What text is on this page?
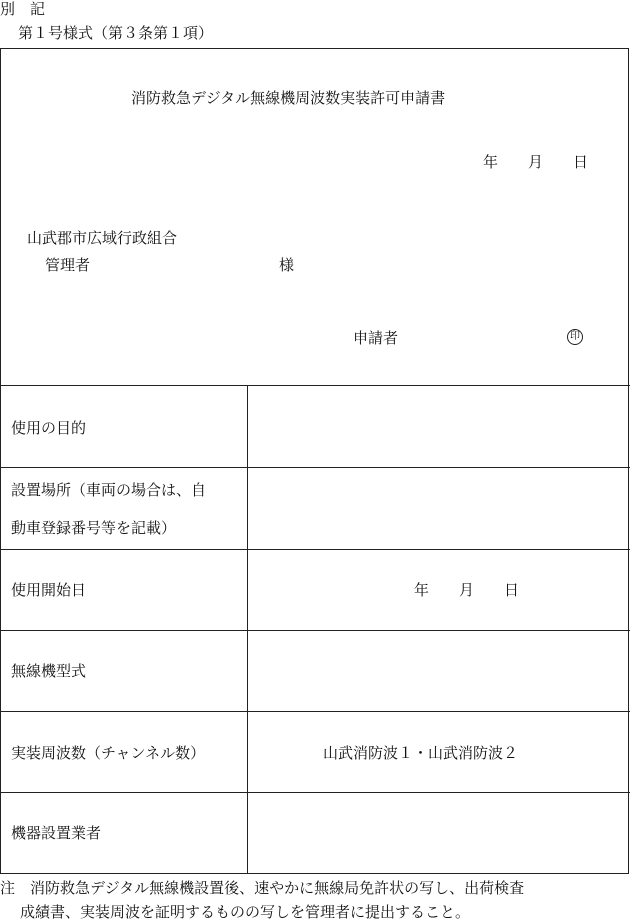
別　記
第１号様式（第３条第１項）
消防救急デジタル無線機周波数実装許可申請書
年　　月　　日
山武郡市広域行政組合
管理者	様
申請者	印
使用の目的
設置場所（車両の場合は、自
動車登録番号等を記載）
使用開始日	年　　月　　日
無線機型式
実装周波数（チャンネル数）	山武消防波１・山武消防波２
機器設置業者
注　消防救急デジタル無線機設置後、速やかに無線局免許状の写し、出荷検査
成績書、実装周波を証明するものの写しを管理者に提出すること。
